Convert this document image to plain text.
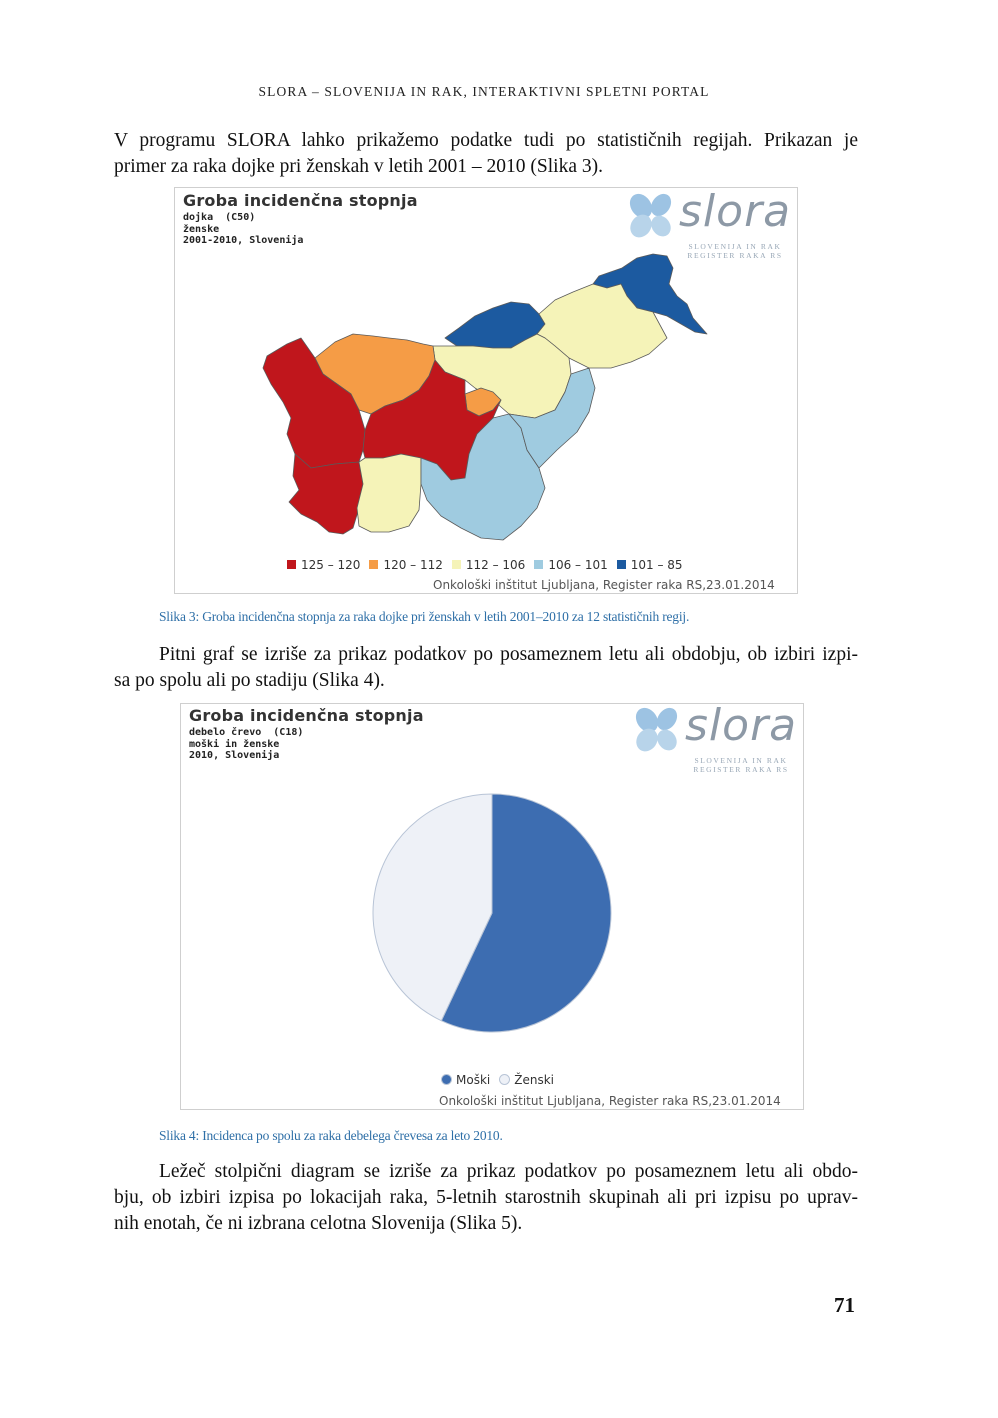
SLORA – SLOVENIJA IN RAK, INTERAKTIVNI SPLETNI PORTAL
V programu SLORA lahko prikažemo podatke tudi po statističnih regijah. Prikazan je
primer za raka dojke pri ženskah v letih 2001 – 2010 (Slika 3).
Groba incidenčna stopnja
dojka  (C50)
ženske
2001-2010, Slovenija
slora
SLOVENIJA IN RAK
REGISTER RAKA RS
125 – 120 120 – 112 112 – 106 106 – 101 101 – 85
Onkološki inštitut Ljubljana, Register raka RS,23.01.2014
Slika 3: Groba incidenčna stopnja za raka dojke pri ženskah v letih 2001–2010 za 12 statističnih regij.
Pitni graf se izriše za prikaz podatkov po posameznem letu ali obdobju, ob izbiri izpi-
sa po spolu ali po stadiju (Slika 4).
Groba incidenčna stopnja
debelo črevo  (C18)
moški in ženske
2010, Slovenija
slora
SLOVENIJA IN RAK
REGISTER RAKA RS
Moški Ženski
Onkološki inštitut Ljubljana, Register raka RS,23.01.2014
Slika 4: Incidenca po spolu za raka debelega črevesa za leto 2010.
Ležeč stolpični diagram se izriše za prikaz podatkov po posameznem letu ali obdo-
bju, ob izbiri izpisa po lokacijah raka, 5-letnih starostnih skupinah ali pri izpisu po uprav-
nih enotah, če ni izbrana celotna Slovenija (Slika 5).
71
